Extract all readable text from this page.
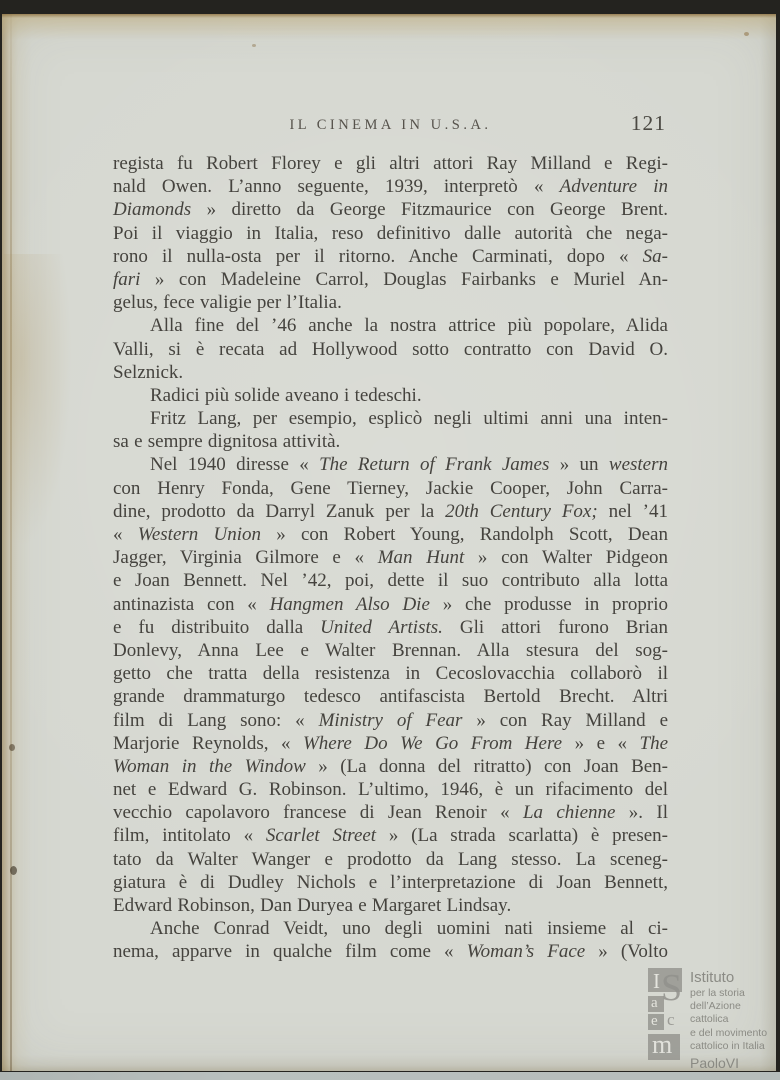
IL CINEMA IN U.S.A.	121
regista fu Robert Florey e gli altri attori Ray Milland e Regi-
nald Owen. L’anno seguente, 1939, interpretò « Adventure in
Diamonds » diretto da George Fitzmaurice con George Brent.
Poi il viaggio in Italia, reso definitivo dalle autorità che nega-
rono il nulla-osta per il ritorno. Anche Carminati, dopo « Sa-
fari » con Madeleine Carrol, Douglas Fairbanks e Muriel An-
gelus, fece valigie per l’Italia.
Alla fine del ’46 anche la nostra attrice più popolare, Alida
Valli, si è recata ad Hollywood sotto contratto con David O.
Selznick.
Radici più solide aveano i tedeschi.
Fritz Lang, per esempio, esplicò negli ultimi anni una inten-
sa e sempre dignitosa attività.
Nel 1940 diresse « The Return of Frank James » un western
con Henry Fonda, Gene Tierney, Jackie Cooper, John Carra-
dine, prodotto da Darryl Zanuk per la 20th Century Fox; nel ’41
« Western Union » con Robert Young, Randolph Scott, Dean
Jagger, Virginia Gilmore e « Man Hunt » con Walter Pidgeon
e Joan Bennett. Nel ’42, poi, dette il suo contributo alla lotta
antinazista con « Hangmen Also Die » che produsse in proprio
e fu distribuito dalla United Artists. Gli attori furono Brian
Donlevy, Anna Lee e Walter Brennan. Alla stesura del sog-
getto che tratta della resistenza in Cecoslovacchia collaborò il
grande drammaturgo tedesco antifascista Bertold Brecht. Altri
film di Lang sono: « Ministry of Fear » con Ray Milland e
Marjorie Reynolds, « Where Do We Go From Here » e « The
Woman in the Window » (La donna del ritratto) con Joan Ben-
net e Edward G. Robinson. L’ultimo, 1946, è un rifacimento del
vecchio capolavoro francese di Jean Renoir « La chienne ». Il
film, intitolato « Scarlet Street » (La strada scarlatta) è presen-
tato da Walter Wanger e prodotto da Lang stesso. La sceneg-
giatura è di Dudley Nichols e l’interpretazione di Joan Bennett,
Edward Robinson, Dan Duryea e Margaret Lindsay.
Anche Conrad Veidt, uno degli uomini nati insieme al ci-
nema, apparve in qualche film come « Woman’s Face » (Volto
S
I
a
e c
m
Istituto
per la storia
dell’Azione cattolica
e del movimento
cattolico in Italia
PaoloVI
